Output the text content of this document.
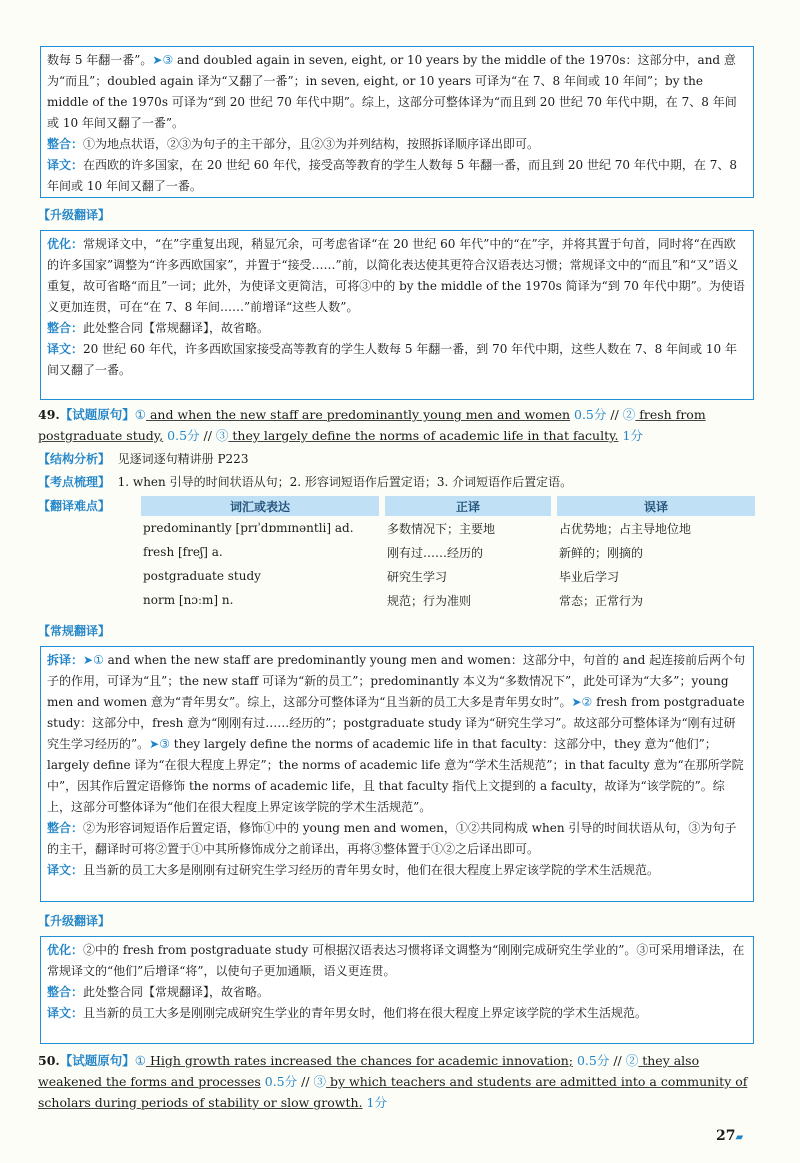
数每 5 年翻一番”。➤③ and doubled again in seven, eight, or 10 years by the middle of the 1970s：这部分中，and 意为“而且”；doubled again 译为“又翻了一番”；in seven, eight, or 10 years 可译为“在 7、8 年间或 10 年间”；by the middle of the 1970s 可译为“到 20 世纪 70 年代中期”。综上，这部分可整体译为“而且到 20 世纪 70 年代中期，在 7、8 年间或 10 年间又翻了一番”。

整合：①为地点状语，②③为句子的主干部分，且②③为并列结构，按照拆译顺序译出即可。

译文：在西欧的许多国家，在 20 世纪 60 年代，接受高等教育的学生人数每 5 年翻一番，而且到 20 世纪 70 年代中期，在 7、8 年间或 10 年间又翻了一番。

【升级翻译】

优化：常规译文中，“在”字重复出现，稍显冗余，可考虑省译“在 20 世纪 60 年代”中的“在”字，并将其置于句首，同时将“在西欧的许多国家”调整为“许多西欧国家”，并置于“接受……”前，以简化表达使其更符合汉语表达习惯；常规译文中的“而且”和“又”语义重复，故可省略“而且”一词；此外，为使译文更简洁，可将③中的 by the middle of the 1970s 简译为“到 70 年代中期”。为使语义更加连贯，可在“在 7、8 年间……”前增译“这些人数”。

整合：此处整合同【常规翻译】，故省略。

译文：20 世纪 60 年代，许多西欧国家接受高等教育的学生人数每 5 年翻一番，到 70 年代中期，这些人数在 7、8 年间或 10 年间又翻了一番。

49.【试题原句】① and when the new staff are predominantly young men and women 0.5分 // ② fresh from postgraduate study, 0.5分 // ③ they largely define the norms of academic life in that faculty. 1分
【结构分析】 见逐词逐句精讲册 P223
【考点梳理】 1. when 引导的时间状语从句；2. 形容词短语作后置定语；3. 介词短语作后置定语。
【翻译难点】	词汇或表达	正译	误译
predominantly [prɪˈdɒmɪnəntli] ad.	多数情况下；主要地	占优势地；占主导地位地
fresh [freʃ] a.	刚有过……经历的	新鲜的；刚摘的
postgraduate study	研究生学习	毕业后学习
norm [nɔːm] n.	规范；行为准则	常态；正常行为
【常规翻译】

拆译：➤① and when the new staff are predominantly young men and women：这部分中，句首的 and 起连接前后两个句子的作用，可译为“且”；the new staff 可译为“新的员工”；predominantly 本义为“多数情况下”，此处可译为“大多”；young men and women 意为“青年男女”。综上，这部分可整体译为“且当新的员工大多是青年男女时”。➤② fresh from postgraduate study：这部分中，fresh 意为“刚刚有过……经历的”；postgraduate study 译为“研究生学习”。故这部分可整体译为“刚有过研究生学习经历的”。➤③ they largely define the norms of academic life in that faculty：这部分中，they 意为“他们”；largely define 译为“在很大程度上界定”；the norms of academic life 意为“学术生活规范”；in that faculty 意为“在那所学院中”，因其作后置定语修饰 the norms of academic life，且 that faculty 指代上文提到的 a faculty，故译为“该学院的”。综上，这部分可整体译为“他们在很大程度上界定该学院的学术生活规范”。

整合：②为形容词短语作后置定语，修饰①中的 young men and women，①②共同构成 when 引导的时间状语从句，③为句子的主干，翻译时可将②置于①中其所修饰成分之前译出，再将③整体置于①②之后译出即可。

译文：且当新的员工大多是刚刚有过研究生学习经历的青年男女时，他们在很大程度上界定该学院的学术生活规范。

【升级翻译】

优化：②中的 fresh from postgraduate study 可根据汉语表达习惯将译文调整为“刚刚完成研究生学业的”。③可采用增译法，在常规译文的“他们”后增译“将”，以使句子更加通顺，语义更连贯。

整合：此处整合同【常规翻译】，故省略。

译文：且当新的员工大多是刚刚完成研究生学业的青年男女时，他们将在很大程度上界定该学院的学术生活规范。

50.【试题原句】① High growth rates increased the chances for academic innovation; 0.5分 // ② they also weakened the forms and processes 0.5分 // ③ by which teachers and students are admitted into a community of scholars during periods of stability or slow growth. 1分
27▰
